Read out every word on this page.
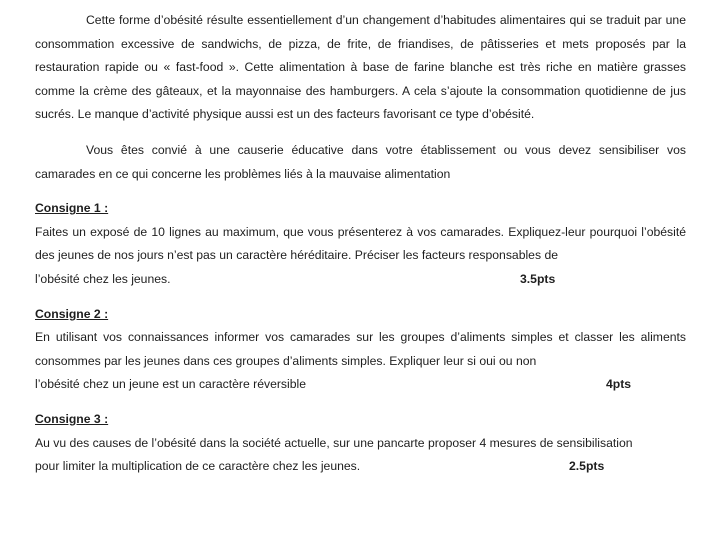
Cette forme d’obésité résulte essentiellement d’un changement d’habitudes alimentaires qui se traduit par une consommation excessive de sandwichs, de pizza, de frite, de friandises, de pâtisseries et mets proposés par la restauration rapide ou « fast-food ». Cette alimentation à base de farine blanche est très riche en matière grasses comme la crème des gâteaux, et la mayonnaise des hamburgers. A cela s’ajoute la consommation quotidienne de jus sucrés. Le manque d’activité physique aussi est un des facteurs favorisant ce type d’obésité.

Vous êtes convié à une causerie éducative dans votre établissement ou vous devez sensibiliser vos camarades en ce qui concerne les problèmes liés à la mauvaise alimentation

Consigne 1 :

Faites un exposé de 10 lignes au maximum, que vous présenterez à vos camarades. Expliquez-leur pourquoi l’obésité des jeunes de nos jours n’est pas un caractère héréditaire. Préciser les facteurs responsables de

l’obésité chez les jeunes.	3.5pts

Consigne 2 :

En utilisant vos connaissances informer vos camarades sur les groupes d’aliments simples et classer les aliments consommes par les jeunes dans ces groupes d’aliments simples. Expliquer leur si oui ou non

l’obésité chez un jeune est un caractère réversible	4pts

Consigne 3 :

Au vu des causes de l’obésité dans la société actuelle, sur une pancarte proposer 4 mesures de sensibilisation

pour limiter la multiplication de ce caractère chez les jeunes.	2.5pts
